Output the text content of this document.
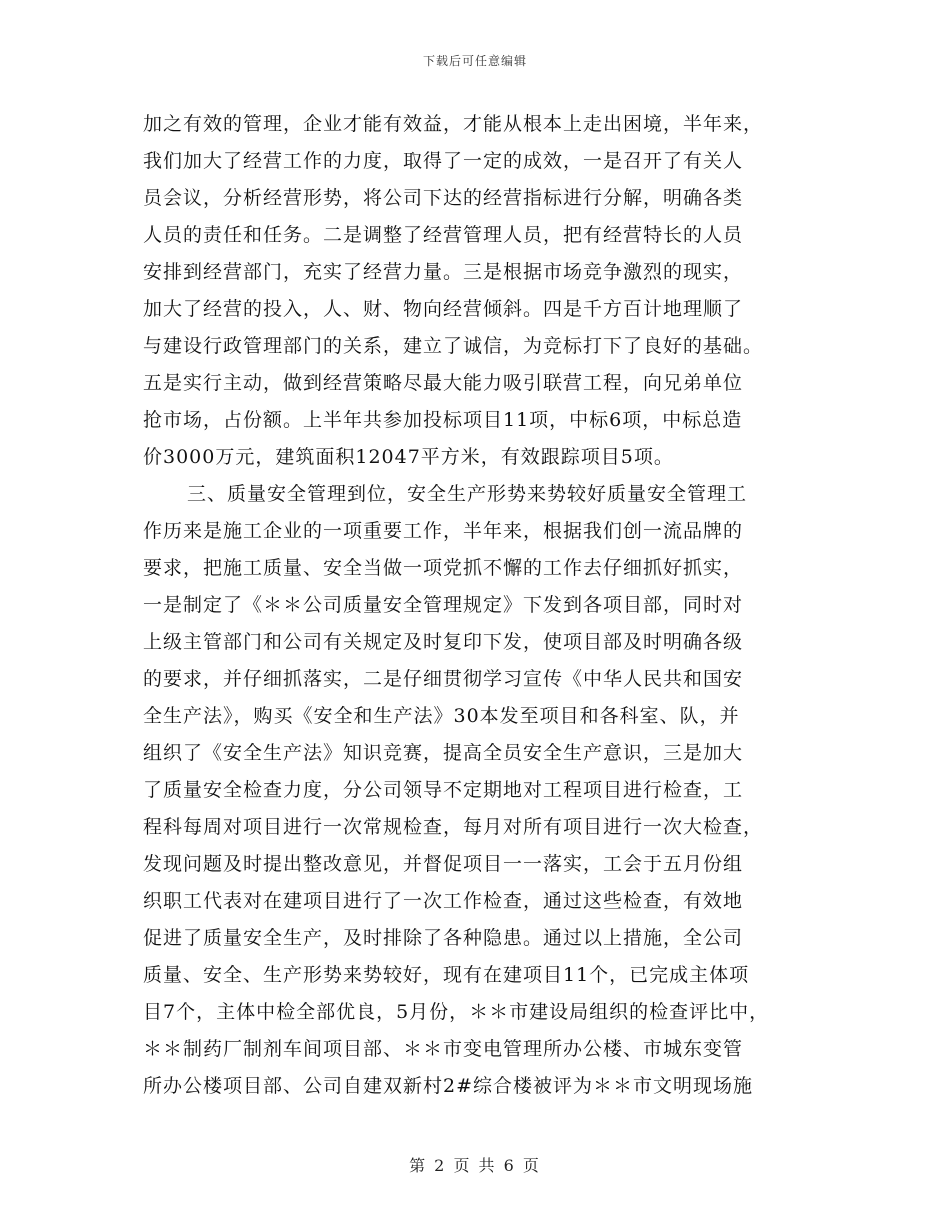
下载后可任意编辑
加之有效的管理，企业才能有效益，才能从根本上走出困境，半年来，
我们加大了经营工作的力度，取得了一定的成效，一是召开了有关人
员会议，分析经营形势，将公司下达的经营指标进行分解，明确各类
人员的责任和任务。二是调整了经营管理人员，把有经营特长的人员
安排到经营部门，充实了经营力量。三是根据市场竞争激烈的现实，
加大了经营的投入，人、财、物向经营倾斜。四是千方百计地理顺了
与建设行政管理部门的关系，建立了诚信，为竞标打下了良好的基础。
五是实行主动，做到经营策略尽最大能力吸引联营工程，向兄弟单位
抢市场，占份额。上半年共参加投标项目11项，中标6项，中标总造
价3000万元，建筑面积12047平方米，有效跟踪项目5项。
三、质量安全管理到位，安全生产形势来势较好质量安全管理工
作历来是施工企业的一项重要工作，半年来，根据我们创一流品牌的
要求，把施工质量、安全当做一项党抓不懈的工作去仔细抓好抓实，
一是制定了《＊＊公司质量安全管理规定》下发到各项目部，同时对
上级主管部门和公司有关规定及时复印下发，使项目部及时明确各级
的要求，并仔细抓落实，二是仔细贯彻学习宣传《中华人民共和国安
全生产法》，购买《安全和生产法》30本发至项目和各科室、队，并
组织了《安全生产法》知识竞赛，提高全员安全生产意识，三是加大
了质量安全检查力度，分公司领导不定期地对工程项目进行检查，工
程科每周对项目进行一次常规检查，每月对所有项目进行一次大检查，
发现问题及时提出整改意见，并督促项目一一落实，工会于五月份组
织职工代表对在建项目进行了一次工作检查，通过这些检查，有效地
促进了质量安全生产，及时排除了各种隐患。通过以上措施，全公司
质量、安全、生产形势来势较好，现有在建项目11个，已完成主体项
目7个，主体中检全部优良，5月份，＊＊市建设局组织的检查评比中，
＊＊制药厂制剂车间项目部、＊＊市变电管理所办公楼、市城东变管
所办公楼项目部、公司自建双新村2#综合楼被评为＊＊市文明现场施
第 2 页 共 6 页
